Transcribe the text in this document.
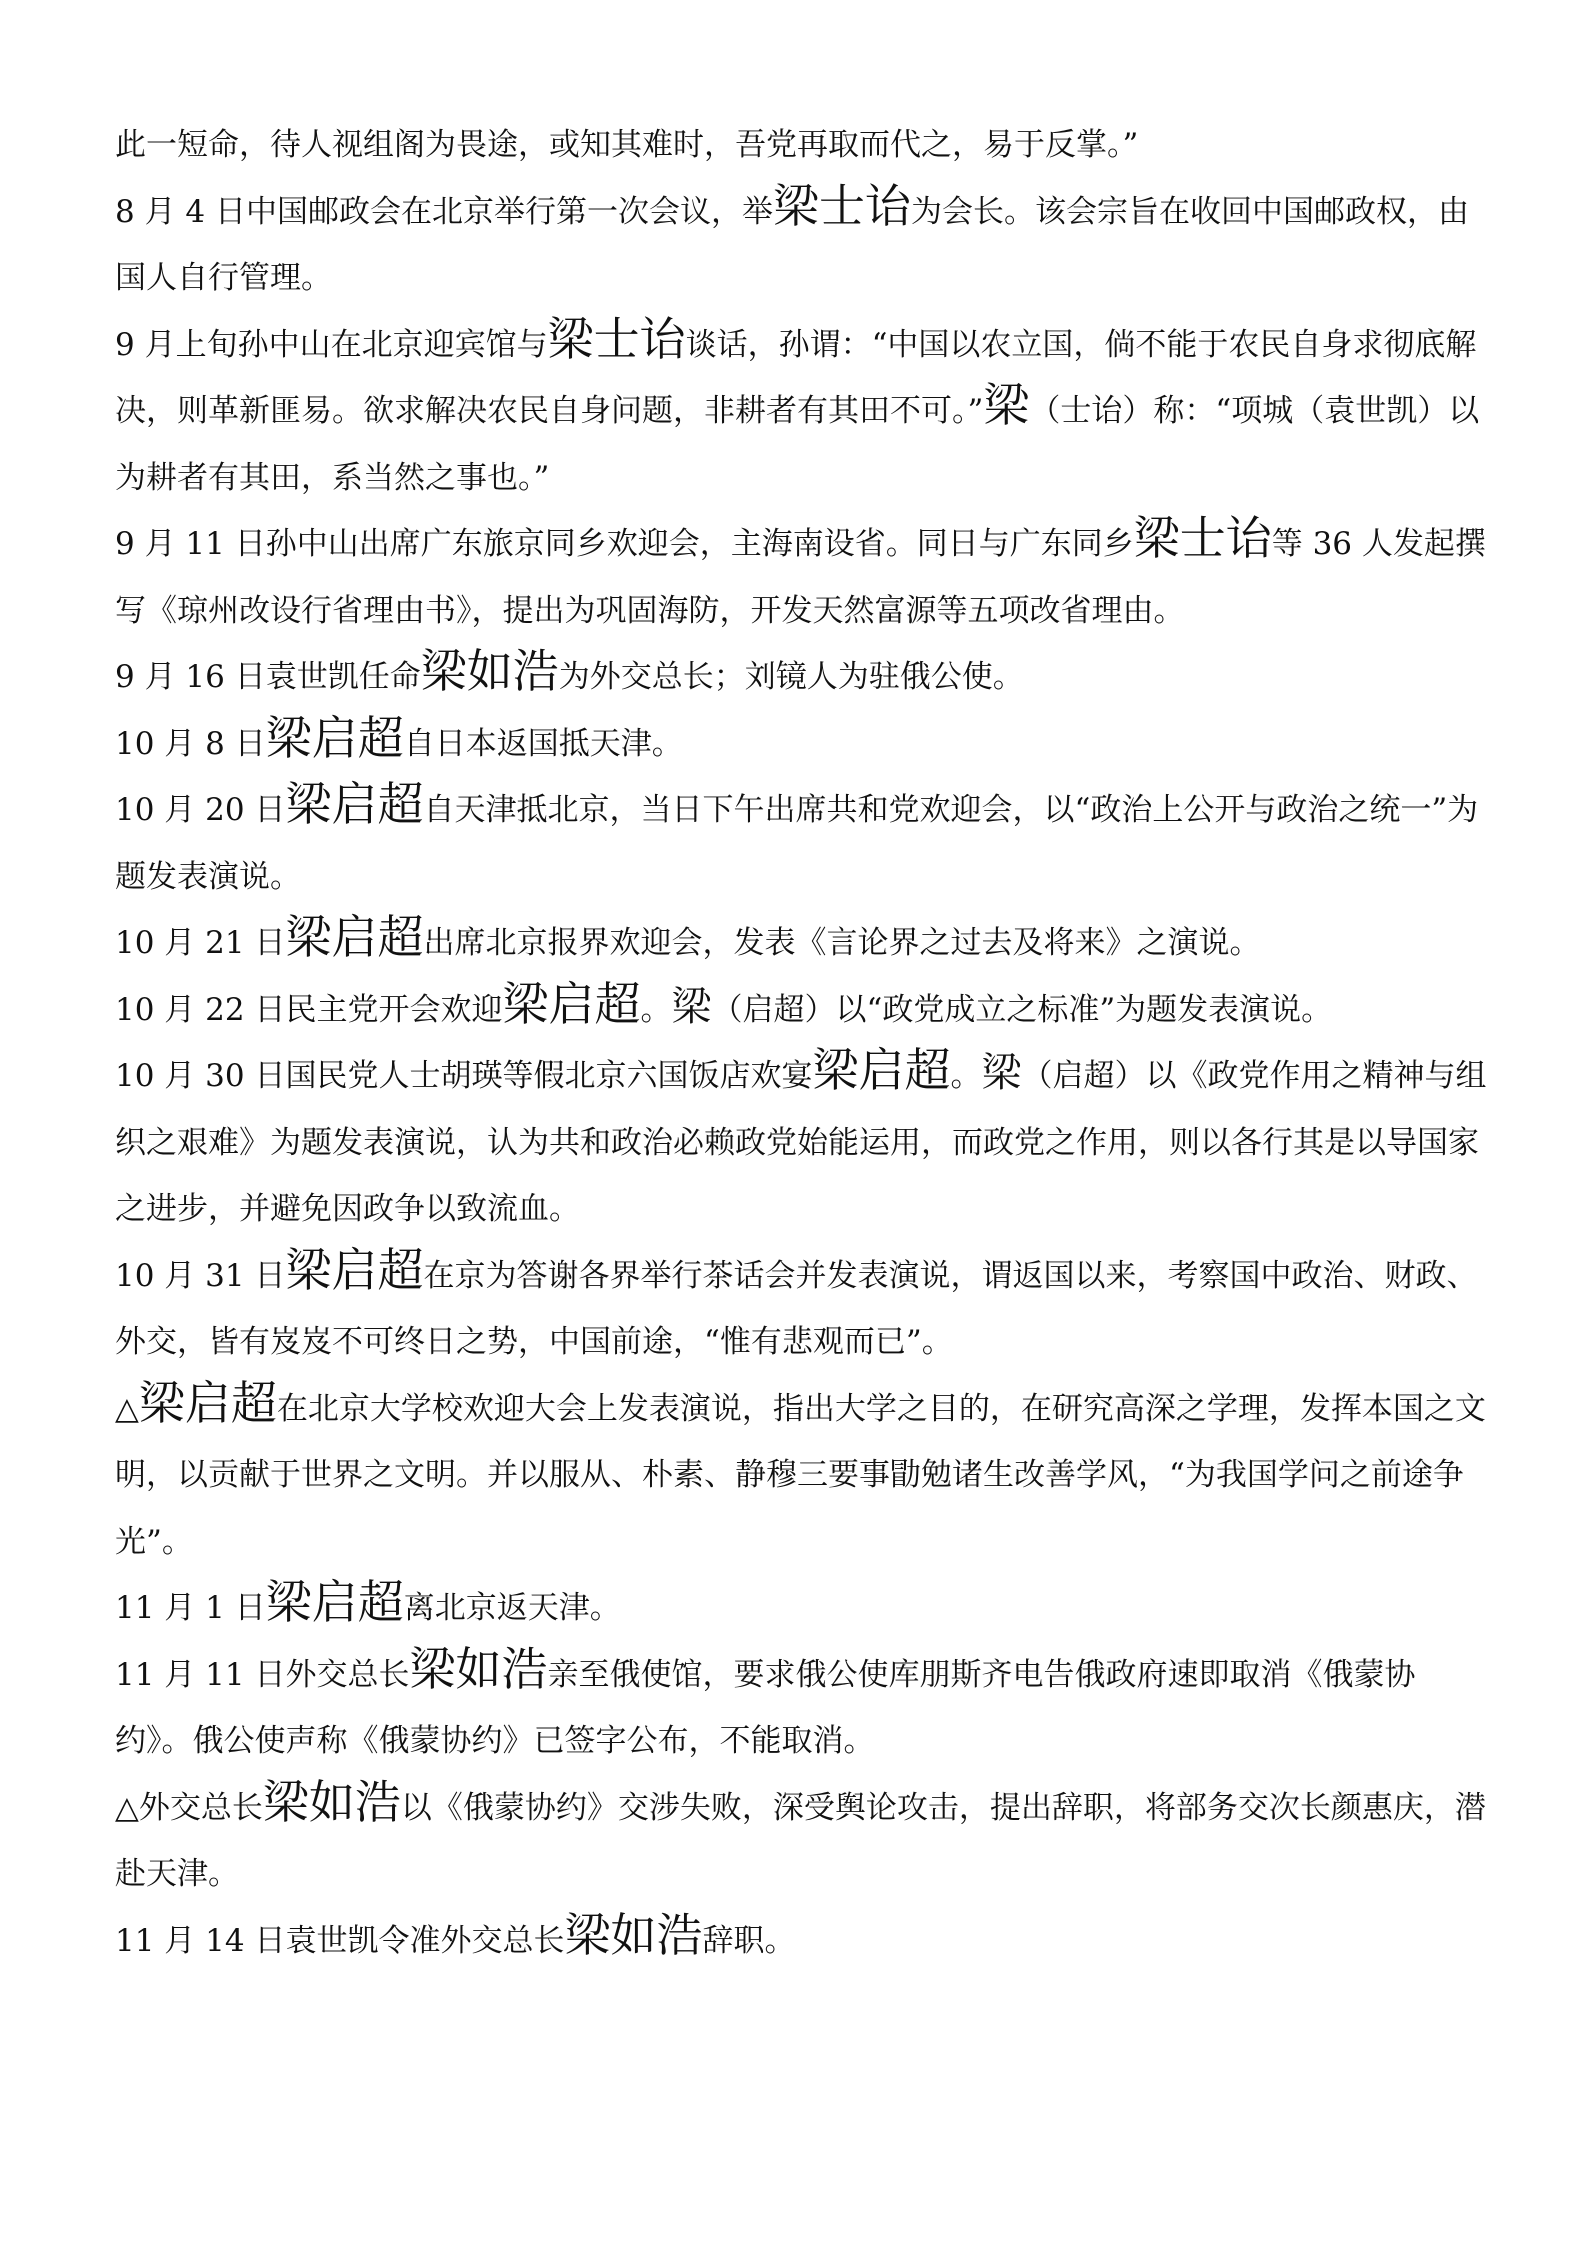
此一短命，待人视组阁为畏途，或知其难时，吾党再取而代之，易于反掌。”

8 月 4 日中国邮政会在北京举行第一次会议，举梁士诒为会长。该会宗旨在收回中国邮政权，由国人自行管理。

9 月上旬孙中山在北京迎宾馆与梁士诒谈话，孙谓：“中国以农立国，倘不能于农民自身求彻底解决，则革新匪易。欲求解决农民自身问题，非耕者有其田不可。”梁（士诒）称：“项城（袁世凯）以为耕者有其田，系当然之事也。”

9 月 11 日孙中山出席广东旅京同乡欢迎会，主海南设省。同日与广东同乡梁士诒等 36 人发起撰写《琼州改设行省理由书》，提出为巩固海防，开发天然富源等五项改省理由。

9 月 16 日袁世凯任命梁如浩为外交总长；刘镜人为驻俄公使。

10 月 8 日梁启超自日本返国抵天津。

10 月 20 日梁启超自天津抵北京，当日下午出席共和党欢迎会，以“政治上公开与政治之统一”为题发表演说。

10 月 21 日梁启超出席北京报界欢迎会，发表《言论界之过去及将来》之演说。

10 月 22 日民主党开会欢迎梁启超。梁（启超）以“政党成立之标准”为题发表演说。

10 月 30 日国民党人士胡瑛等假北京六国饭店欢宴梁启超。梁（启超）以《政党作用之精神与组织之艰难》为题发表演说，认为共和政治必赖政党始能运用，而政党之作用，则以各行其是以导国家之进步，并避免因政争以致流血。

10 月 31 日梁启超在京为答谢各界举行茶话会并发表演说，谓返国以来，考察国中政治、财政、外交，皆有岌岌不可终日之势，中国前途，“惟有悲观而已”。

△梁启超在北京大学校欢迎大会上发表演说，指出大学之目的，在研究高深之学理，发挥本国之文明，以贡献于世界之文明。并以服从、朴素、静穆三要事勖勉诸生改善学风，“为我国学问之前途争光”。

11 月 1 日梁启超离北京返天津。

11 月 11 日外交总长梁如浩亲至俄使馆，要求俄公使库朋斯齐电告俄政府速即取消《俄蒙协约》。俄公使声称《俄蒙协约》已签字公布，不能取消。

△外交总长梁如浩以《俄蒙协约》交涉失败，深受舆论攻击，提出辞职，将部务交次长颜惠庆，潜赴天津。

11 月 14 日袁世凯令准外交总长梁如浩辞职。
